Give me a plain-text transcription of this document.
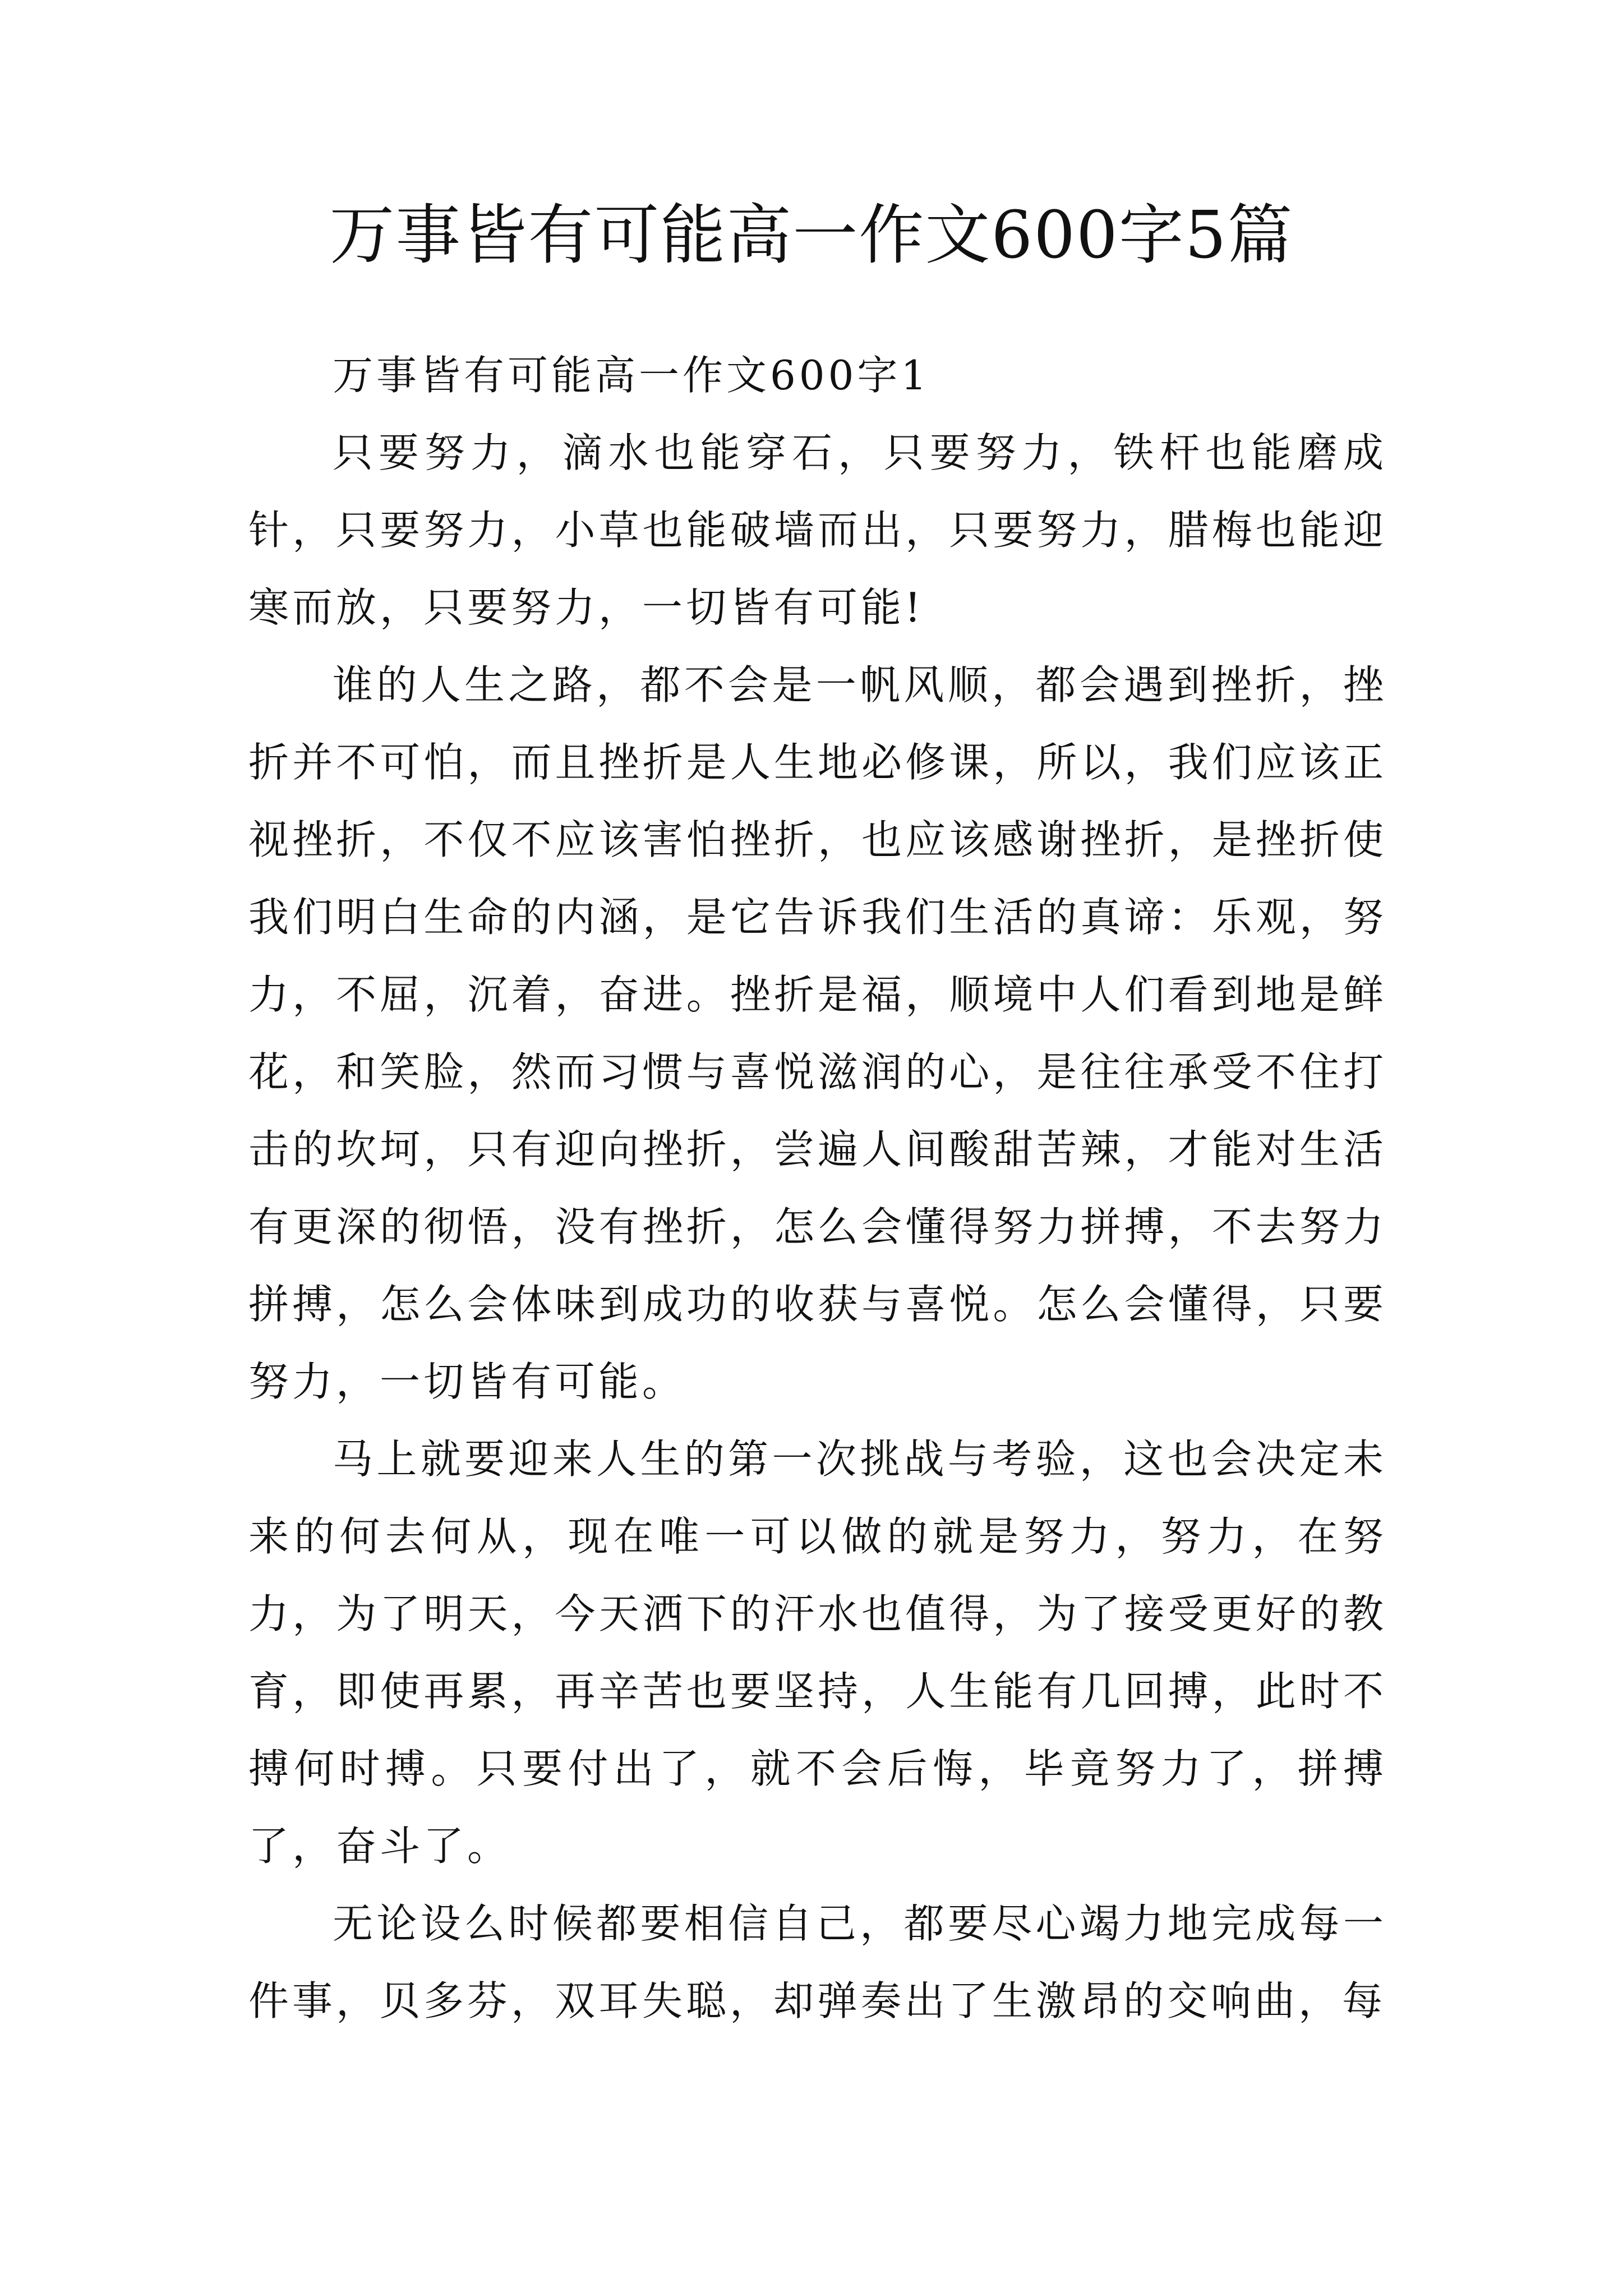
万事皆有可能高一作文600字5篇

万事皆有可能高一作文600字1

只要努力，滴水也能穿石，只要努力，铁杆也能磨成针，只要努力，小草也能破墙而出，只要努力，腊梅也能迎寒而放，只要努力，一切皆有可能!

谁的人生之路，都不会是一帆风顺，都会遇到挫折，挫折并不可怕，而且挫折是人生地必修课，所以，我们应该正视挫折，不仅不应该害怕挫折，也应该感谢挫折，是挫折使我们明白生命的内涵，是它告诉我们生活的真谛：乐观，努力，不屈，沉着，奋进。挫折是福，顺境中人们看到地是鲜花，和笑脸，然而习惯与喜悦滋润的心，是往往承受不住打击的坎坷，只有迎向挫折，尝遍人间酸甜苦辣，才能对生活有更深的彻悟，没有挫折，怎么会懂得努力拼搏，不去努力拼搏，怎么会体味到成功的收获与喜悦。怎么会懂得，只要努力，一切皆有可能。

马上就要迎来人生的第一次挑战与考验，这也会决定未来的何去何从，现在唯一可以做的就是努力，努力，在努力，为了明天，今天洒下的汗水也值得，为了接受更好的教育，即使再累，再辛苦也要坚持，人生能有几回搏，此时不搏何时搏。只要付出了，就不会后悔，毕竟努力了，拼搏了，奋斗了。

无论设么时候都要相信自己，都要尽心竭力地完成每一件事，贝多芬，双耳失聪，却弹奏出了生激昂的交响曲，每
